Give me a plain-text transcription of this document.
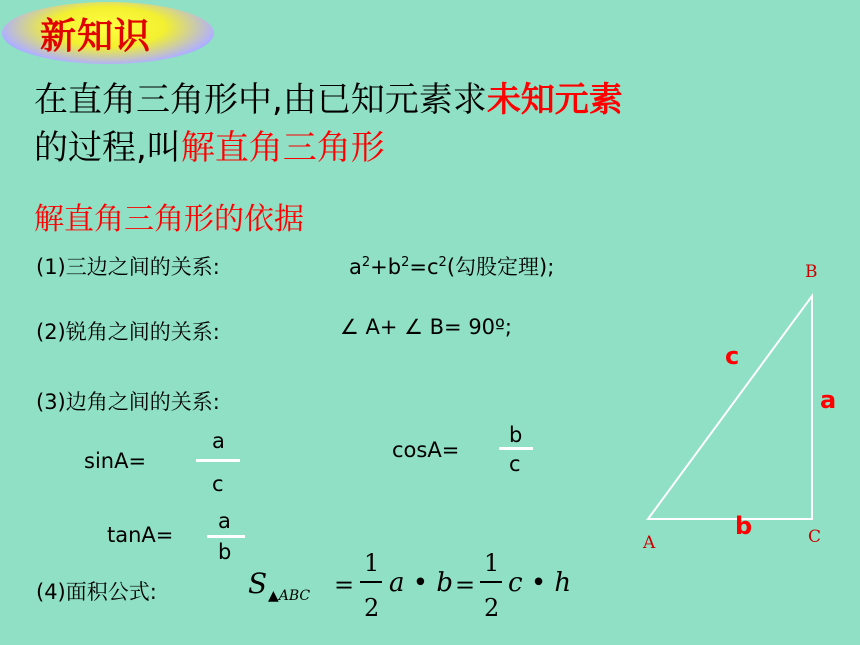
新知识
在直角三角形中,由已知元素求未知元素
的过程,叫解直角三角形
解直角三角形的依据
(1)三边之间的关系:	$a^2+b^2=c^2$(勾股定理);
(2)锐角之间的关系:	∠ A+ ∠ B= 90º;
(3)边角之间的关系:
sinA=
a
c
cosA=
b
c
tanA=
a
b
(4)面积公式:	S ▲ABC =
1
2
a • b =
1
2
c • h
B
A	C
c
a
b
